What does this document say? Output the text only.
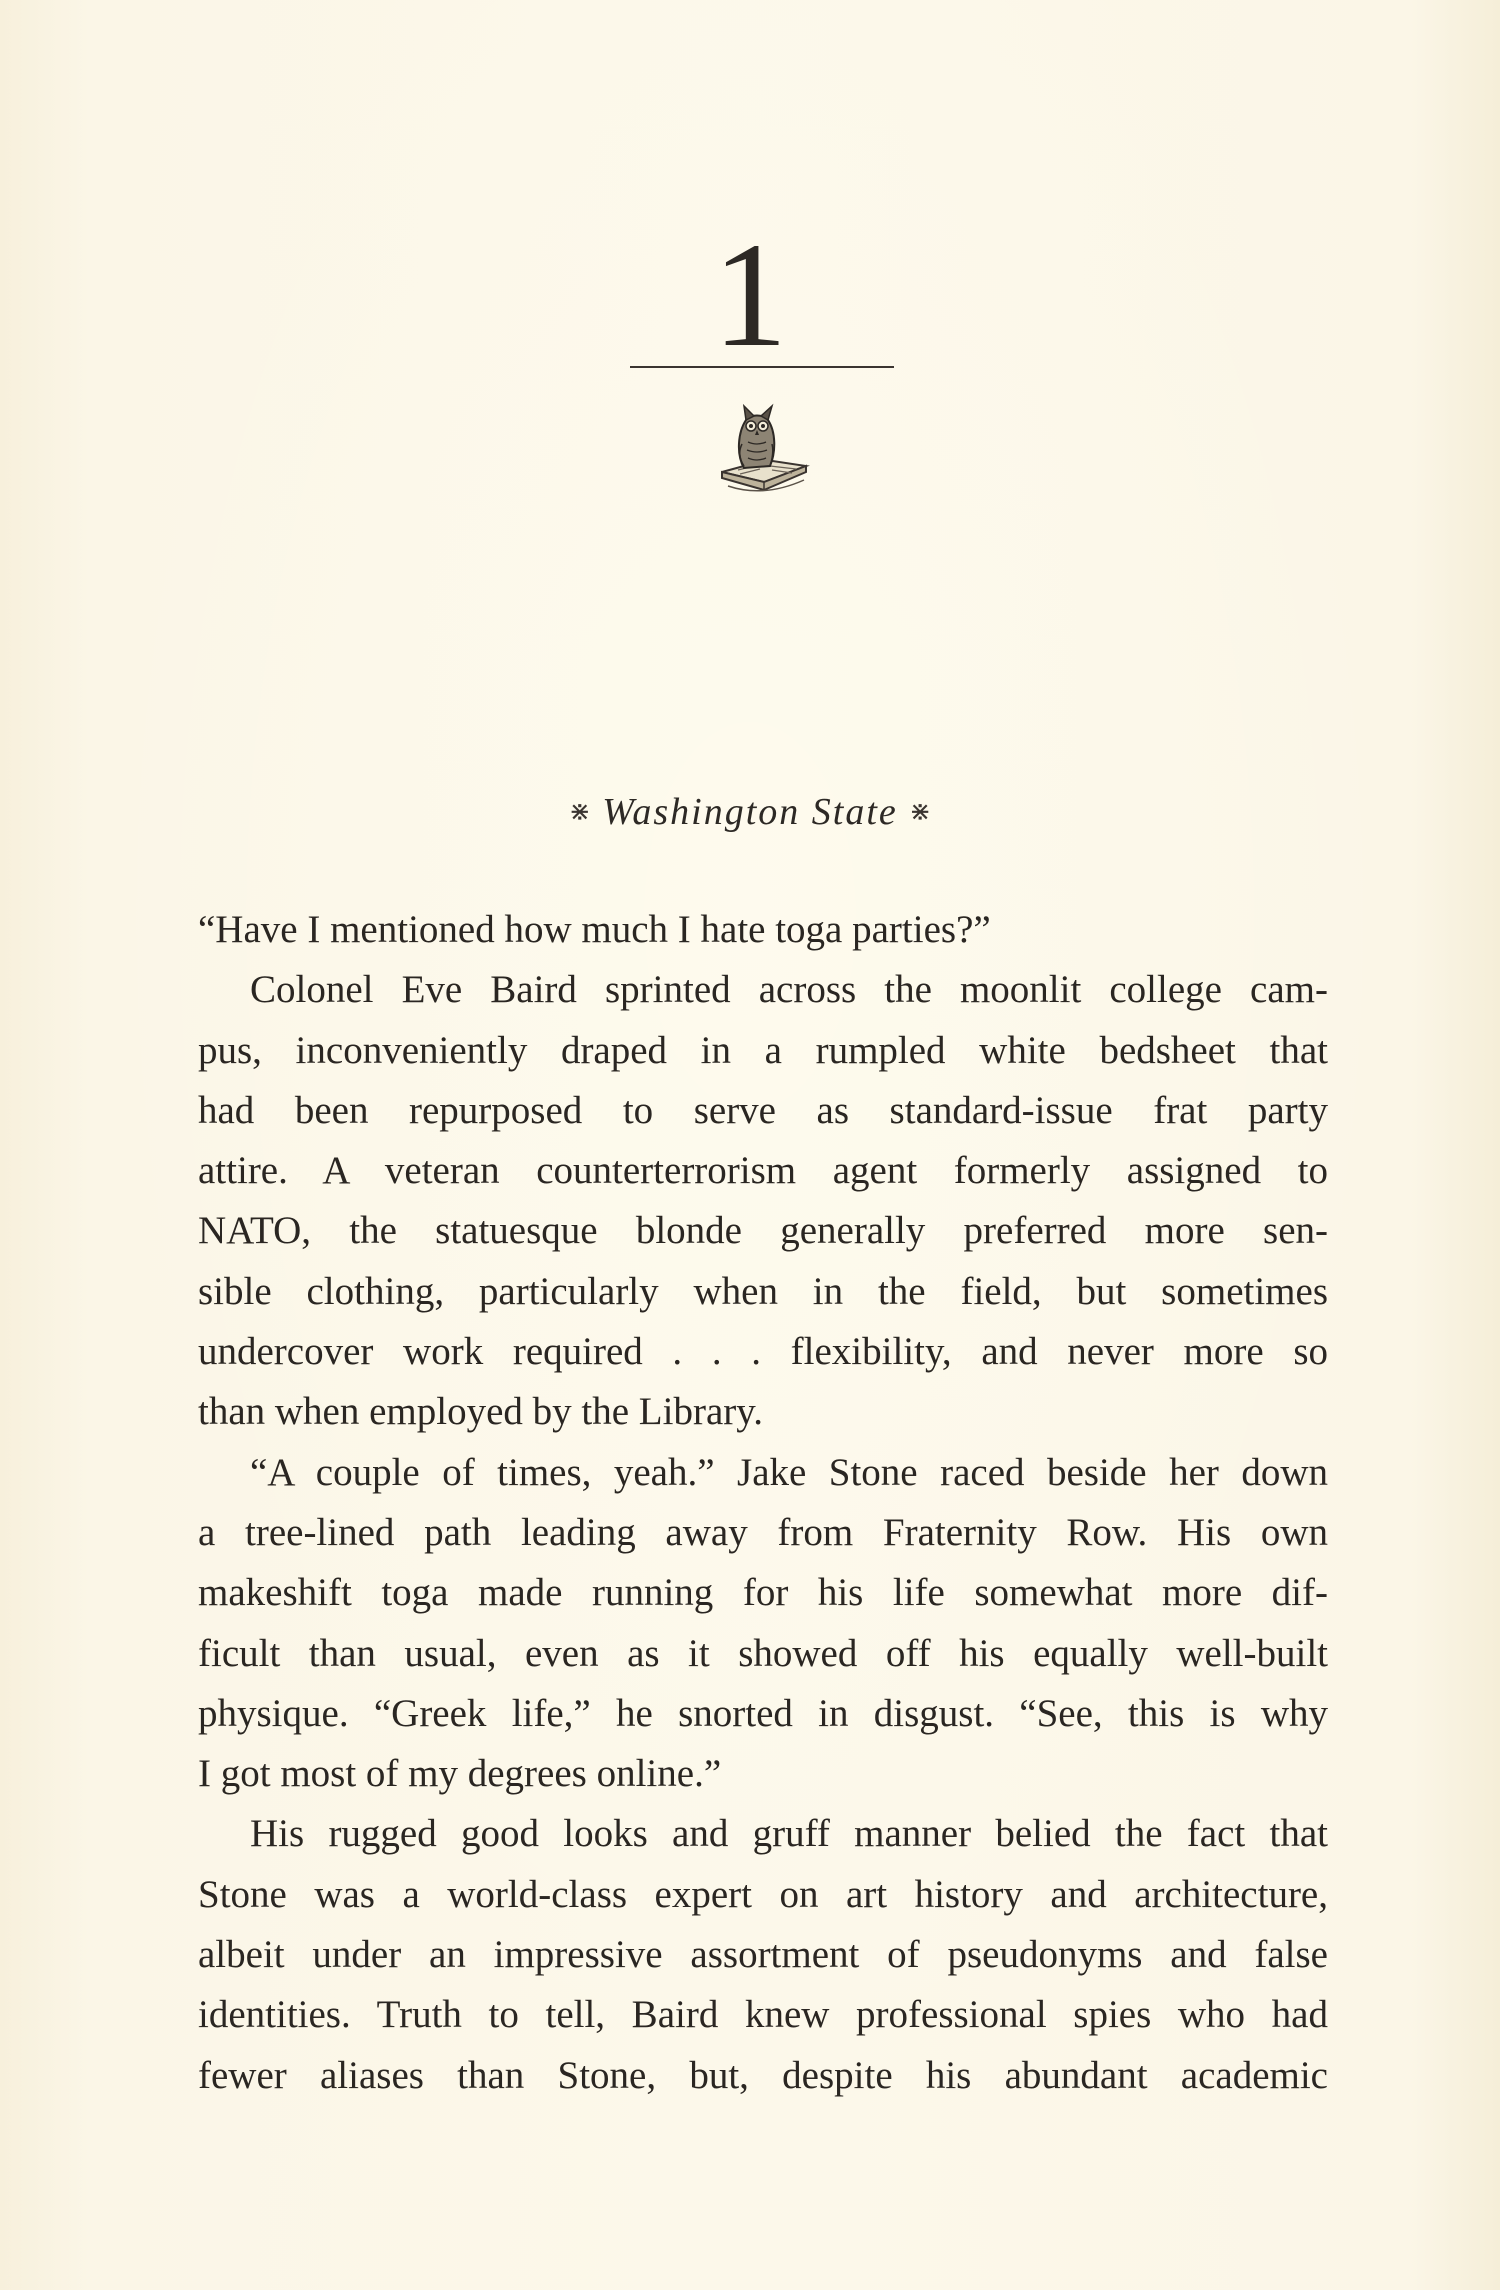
1
⋇ Washington State ⋇
“Have I mentioned how much I hate toga parties?”
Colonel Eve Baird sprinted across the moonlit college cam-
pus, inconveniently draped in a rumpled white bedsheet that
had been repurposed to serve as standard-issue frat party
attire. A veteran counterterrorism agent formerly assigned to
NATO, the statuesque blonde generally preferred more sen-
sible clothing, particularly when in the field, but sometimes
undercover work required . . . flexibility, and never more so
than when employed by the Library.
“A couple of times, yeah.” Jake Stone raced beside her down
a tree-lined path leading away from Fraternity Row. His own
makeshift toga made running for his life somewhat more dif-
ficult than usual, even as it showed off his equally well-built
physique. “Greek life,” he snorted in disgust. “See, this is why
I got most of my degrees online.”
His rugged good looks and gruff manner belied the fact that
Stone was a world-class expert on art history and architecture,
albeit under an impressive assortment of pseudonyms and false
identities. Truth to tell, Baird knew professional spies who had
fewer aliases than Stone, but, despite his abundant academic
